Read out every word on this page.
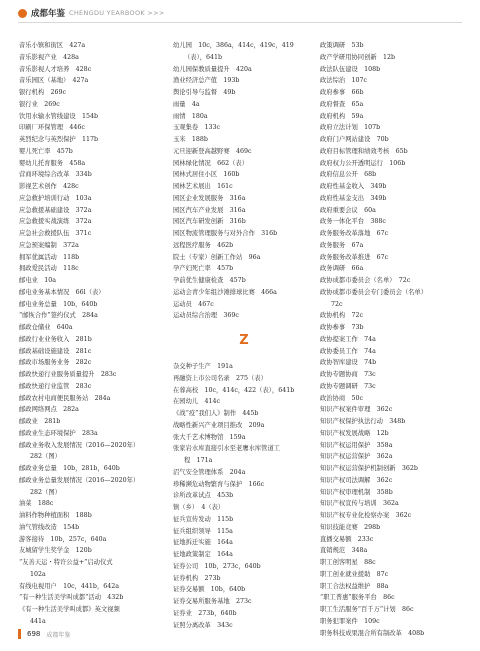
成都年鉴 CHENGDU YEARBOOK >>>
音乐小镇和街区　427a
音乐影视产业　428a
音乐影视人才培养　428c
音乐园区（基地）　427a
银行机构　269c
银行业　269c
饮用水输水管线建设　154b
印刷厂环保管理　446c
英烈纪念与英烈保护　117b
婴儿死亡率　457b
婴幼儿托育服务　458a
营商环境综合改革　334b
影视艺术创作　428c
应急救护培训行动　103a
应急救援基础建设　372a
应急救援实战演练　372a
应急社会救援队伍　371c
应急预案编制　372a
拥军优属活动　118b
拥政爱民活动　118c
邮电业　10a
邮电业务基本情况　66l（表）
邮电业务总量　10b，640b
“邮恢合作”签约仪式　284a
邮政仓储业　640a
邮政行业业务收入　281b
邮政基础设施建设　281c
邮政市场服务业务　282c
邮政快递行业服务质量提升　283c
邮政快递行业监管　283c
邮政农村电商便民服务站　284a
邮政网络网点　282a
邮政业　281b
邮政业生态环境保护　283a
邮政业务收入发展情况（2016—2020年）
282（图）
邮政业务总量　10b，281b，640b
邮政业务总量发展情况（2016—2020年）
282（图）
油菜　188c
油料作物种植面积　188b
油气管线改造　154b
游客接待　10b，257c，640a
友城留学生奖学金　120b
“友善天运・特许公益+”启动仪式
102a
有线电视用户　10c，441b，642a
“有一种生活美学叫成都”活动　432b
《有一种生活美学叫成都》英文视频
441a
幼儿园　10c，386a，414c，419c，419
（表），641b
幼儿园保教质量提升　420a
渔业经济总产值　193b
舆论引导与监督　49b
雨量　4a
雨情　180a
玉观集卷　133c
玉米　188b
元旦迎新登高越野赛　469c
园林绿化情况　662（表）
园林式居住小区　160b
园林艺术展出　161c
园区企业发展服务　316a
园区汽车产业发展　316a
园区汽车研发创新　316b
园区物流管理服务与对外合作　316b
远程医疗服务　462b
院士（专家）创新工作站　96a
孕产妇死亡率　457b
孕前优生健康检查　457b
运动会青少年组沙滩排球比赛　466a
运动员　467c
运动员综合治理　369c
Z
杂交种子生产　191a
再融资上市公司名录　275（表）
在蓉高校　10c，414c，422（表），641b
在园幼儿　414c
《战“疫”我们人》制作　445b
战略性新兴产业项目推改　209a
张大千艺术博物馆　159a
张家岩水库直接引水至老鹰水库管道工
程　171a
沼气安全管理体系　204a
珍稀濒危动物繁育与保护　166c
诊所改革试点　453b
镇（乡）　4（表）
征兵宣传发动　115b
征兵组织领导　115a
征地拆迁实施　164a
征地政策制定　164a
证券公司　10b，273c，640b
证券机构　273b
证券交易额　10b，640b
证券交易所服务基地　273c
证券业　273b，640b
证照分离改革　343c
政策调研　53b
政产学研用协同创新　12b
政法队伍建设　108b
政法综治　107c
政府参事　66b
政府督查　65a
政府机构　59a
政府立法计划　107b
政府门户网站建设　70b
政府目标管理和绩效考核　65b
政府权力公开透明运行　106b
政府信息公开　68b
政府性基金收入　349b
政府性基金支出　349b
政府重要会议　60a
政务一体化平台　388c
政务服务改革落地　67c
政务服务　67a
政务服务改革推进　67c
政务调研　66a
政协成都市委员会（名单）　72c
政协成都市委员会专门委员会（名单）
72c
政协机构　72c
政协参事　73b
政协提案工作　74a
政协委员工作　74a
政协智库建设　74b
政协专题协商　73c
政协专题调研　73c
政治协商　50c
知识产权案件审理　362c
知识产权保护执法行动　348b
知识产权发展战略　12b
知识产权运用保护　358a
知识产权运营保护　362a
知识产权运营保护机制创新　362b
知识产权司法调解　362c
知识产权审理机制　358b
知识产权宣传与培训　362a
知识产权专业化检察办案　362c
知识技能竞赛　298b
直播交易额　233c
直销规范　348a
职工创客明星　88c
职工创业就业援助　87c
职工合法权益维护　88a
“职工普惠”服务平台　86c
职工生活服务“百千万”计划　86c
职务犯罪案件　109c
职务科技成果混合所有制改革　408b
698 成都年鉴
